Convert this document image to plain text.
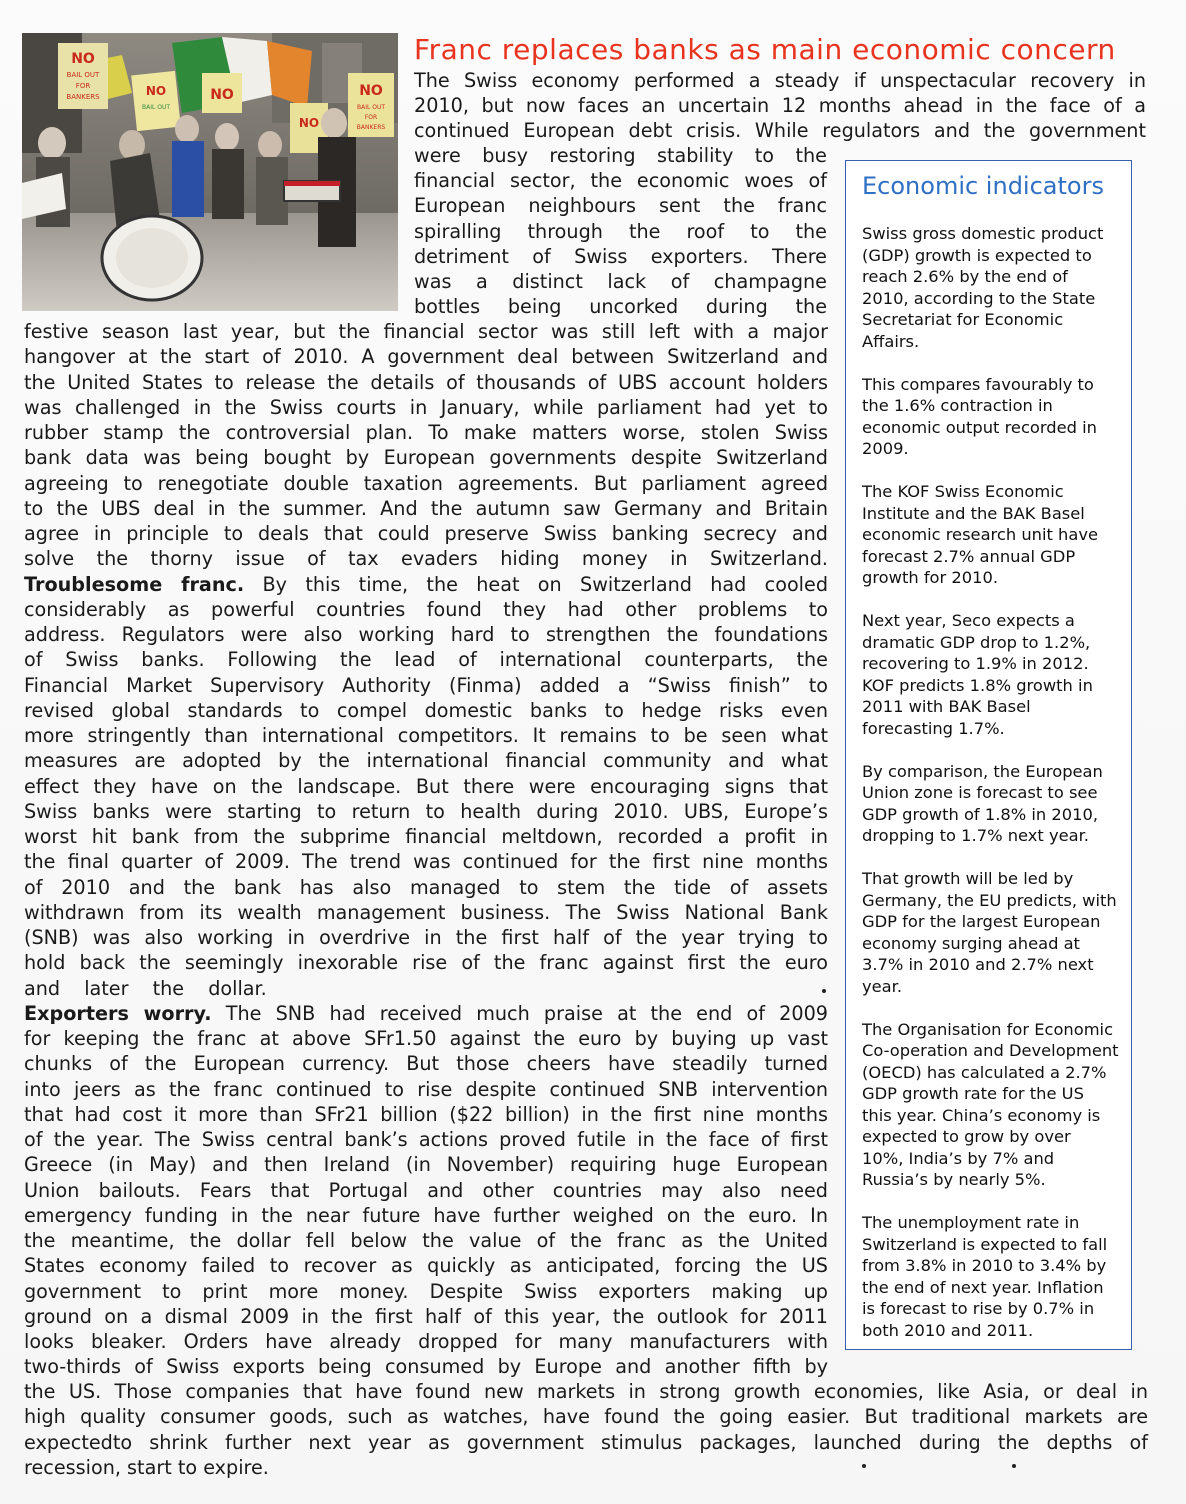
NO
BAIL OUT
FOR
BANKERS	NO
BAIL OUT
NO	NO
BAIL OUT
FOR
BANKERS
NO
Franc replaces banks as main economic concern
The Swiss economy performed a steady if unspectacular recovery in
2010, but now faces an uncertain 12 months ahead in the face of a
continued European debt crisis. While regulators and the government
were busy restoring stability to the
financial sector, the economic woes of
European neighbours sent the franc
spiralling through the roof to the
detriment of Swiss exporters. There
was a distinct lack of champagne
bottles being uncorked during the
festive season last year, but the financial sector was still left with a major
hangover at the start of 2010. A government deal between Switzerland and
the United States to release the details of thousands of UBS account holders
was challenged in the Swiss courts in January, while parliament had yet to
rubber stamp the controversial plan. To make matters worse, stolen Swiss
bank data was being bought by European governments despite Switzerland
agreeing to renegotiate double taxation agreements. But parliament agreed
to the UBS deal in the summer. And the autumn saw Germany and Britain
agree in principle to deals that could preserve Swiss banking secrecy and
solve the thorny issue of tax evaders hiding money in Switzerland.
Troublesome franc. By this time, the heat on Switzerland had cooled
considerably as powerful countries found they had other problems to
address. Regulators were also working hard to strengthen the foundations
of Swiss banks. Following the lead of international counterparts, the
Financial Market Supervisory Authority (Finma) added a “Swiss finish” to
revised global standards to compel domestic banks to hedge risks even
more stringently than international competitors. It remains to be seen what
measures are adopted by the international financial community and what
effect they have on the landscape. But there were encouraging signs that
Swiss banks were starting to return to health during 2010. UBS, Europe’s
worst hit bank from the subprime financial meltdown, recorded a profit in
the final quarter of 2009. The trend was continued for the first nine months
of 2010 and the bank has also managed to stem the tide of assets
withdrawn from its wealth management business. The Swiss National Bank
(SNB) was also working in overdrive in the first half of the year trying to
hold back the seemingly inexorable rise of the franc against first the euro
and later the dollar.
Exporters worry. The SNB had received much praise at the end of 2009
for keeping the franc at above SFr1.50 against the euro by buying up vast
chunks of the European currency. But those cheers have steadily turned
into jeers as the franc continued to rise despite continued SNB intervention
that had cost it more than SFr21 billion ($22 billion) in the first nine months
of the year. The Swiss central bank’s actions proved futile in the face of first
Greece (in May) and then Ireland (in November) requiring huge European
Union bailouts. Fears that Portugal and other countries may also need
emergency funding in the near future have further weighed on the euro. In
the meantime, the dollar fell below the value of the franc as the United
States economy failed to recover as quickly as anticipated, forcing the US
government to print more money. Despite Swiss exporters making up
ground on a dismal 2009 in the first half of this year, the outlook for 2011
looks bleaker. Orders have already dropped for many manufacturers with
two-thirds of Swiss exports being consumed by Europe and another fifth by
the US. Those companies that have found new markets in strong growth economies, like Asia, or deal in
high quality consumer goods, such as watches, have found the going easier. But traditional markets are
expectedto shrink further next year as government stimulus packages, launched during the depths of
recession, start to expire.
Economic indicators

Swiss gross domestic product
(GDP) growth is expected to
reach 2.6% by the end of
2010, according to the State
Secretariat for Economic
Affairs.

This compares favourably to
the 1.6% contraction in
economic output recorded in
2009.

The KOF Swiss Economic
Institute and the BAK Basel
economic research unit have
forecast 2.7% annual GDP
growth for 2010.

Next year, Seco expects a
dramatic GDP drop to 1.2%,
recovering to 1.9% in 2012.
KOF predicts 1.8% growth in
2011 with BAK Basel
forecasting 1.7%.

By comparison, the European
Union zone is forecast to see
GDP growth of 1.8% in 2010,
dropping to 1.7% next year.

That growth will be led by
Germany, the EU predicts, with
GDP for the largest European
economy surging ahead at
3.7% in 2010 and 2.7% next
year.

The Organisation for Economic
Co-operation and Development
(OECD) has calculated a 2.7%
GDP growth rate for the US
this year. China’s economy is
expected to grow by over
10%, India’s by 7% and
Russia’s by nearly 5%.

The unemployment rate in
Switzerland is expected to fall
from 3.8% in 2010 to 3.4% by
the end of next year. Inflation
is forecast to rise by 0.7% in
both 2010 and 2011.
